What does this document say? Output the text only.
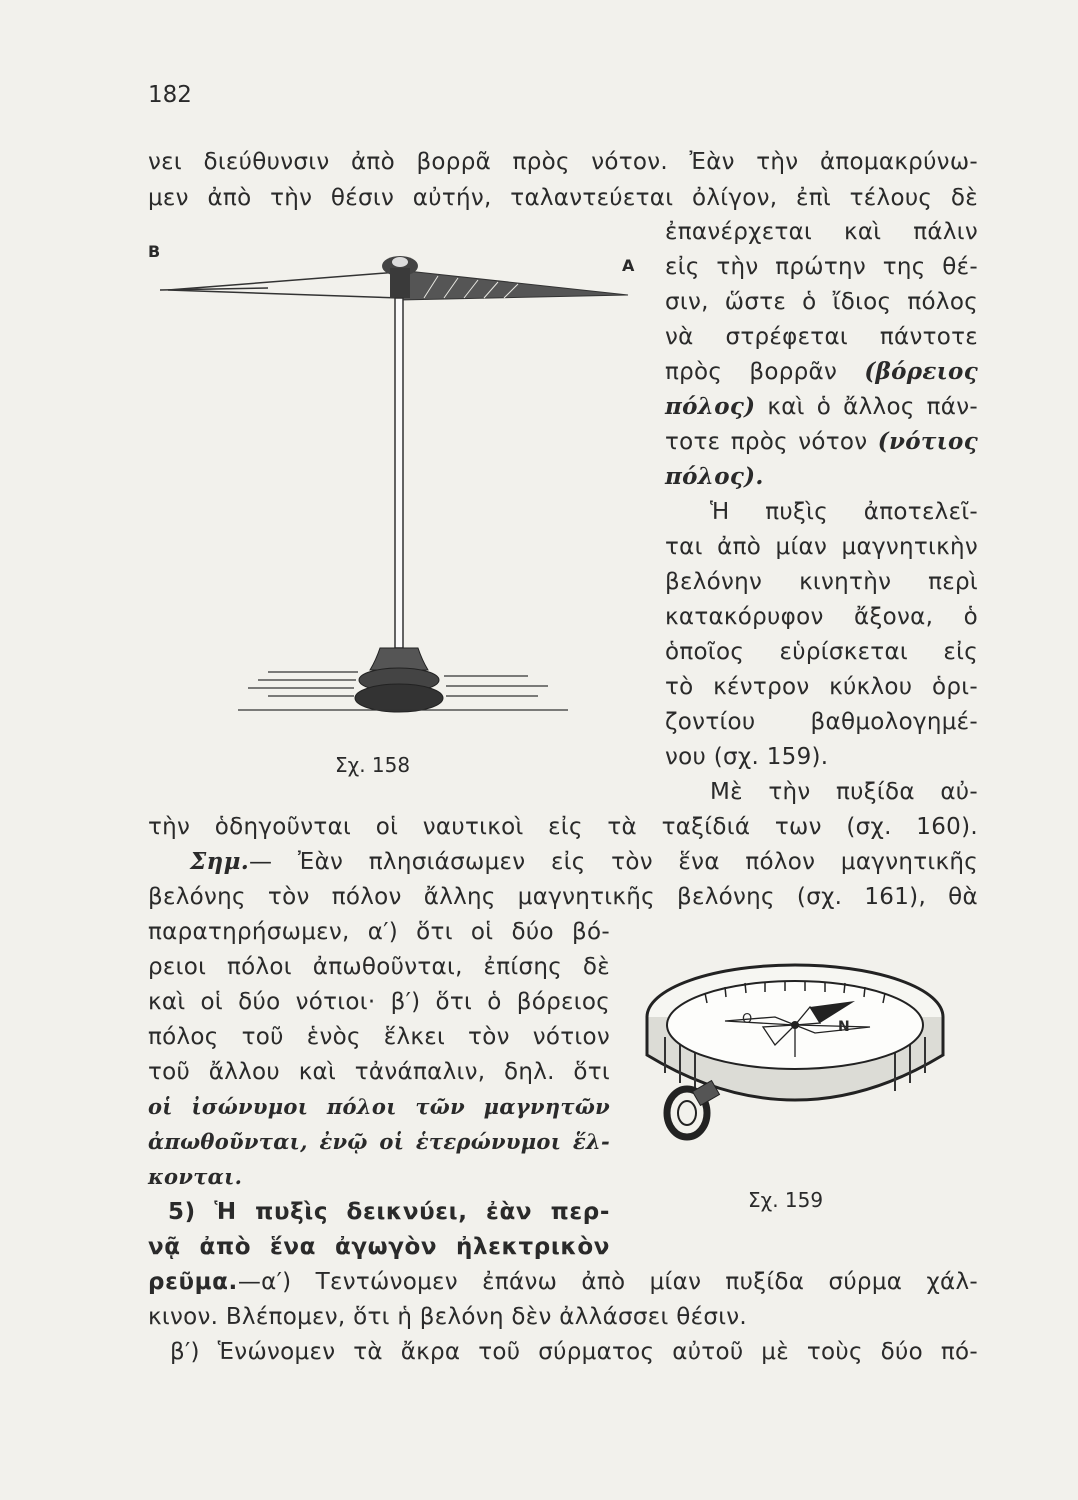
182
νει διεύθυνσιν ἀπὸ βορρᾶ πρὸς νότον. Ἐὰν τὴν ἀπομακρύνω-
μεν ἀπὸ τὴν θέσιν αὐτήν, ταλαντεύεται ὀλίγον, ἐπὶ τέλους δὲ
ἐπανέρχεται καὶ πάλιν
εἰς τὴν πρώτην της θέ-
σιν, ὥστε ὁ ἴδιος πόλος
νὰ στρέφεται πάντοτε
πρὸς βορρᾶν (βόρειος
πόλος) καὶ ὁ ἄλλος πάν-
τοτε πρὸς νότον (νότιος
πόλος).
Ἡ πυξὶς ἀποτελεῖ-
ται ἀπὸ μίαν μαγνητικὴν
βελόνην κινητὴν περὶ
κατακόρυφον ἄξονα, ὁ
ὁποῖος εὑρίσκεται εἰς
τὸ κέντρον κύκλου ὁρι-
ζοντίου βαθμολογημέ-
νου (σχ. 159).
Μὲ τὴν πυξίδα αὐ-
τὴν ὁδηγοῦνται οἱ ναυτικοὶ εἰς τὰ ταξίδιά των (σχ. 160).
Σημ.— Ἐὰν πλησιάσωμεν εἰς τὸν ἕνα πόλον μαγνητικῆς
βελόνης τὸν πόλον ἄλλης μαγνητικῆς βελόνης (σχ. 161), θὰ
παρατηρήσωμεν, α′) ὅτι οἱ δύο βό-
ρειοι πόλοι ἀπωθοῦνται, ἐπίσης δὲ
καὶ οἱ δύο νότιοι· β′) ὅτι ὁ βόρειος
πόλος τοῦ ἑνὸς ἕλκει τὸν νότιον
τοῦ ἄλλου καὶ τἀνάπαλιν, δηλ. ὅτι
οἱ ἰσώνυμοι πόλοι τῶν μαγνητῶν
ἀπωθοῦνται, ἐνῷ οἱ ἑτερώνυμοι ἕλ-
κονται.
5) Ἡ πυξὶς δεικνύει, ἐὰν περ-
νᾷ ἀπὸ ἕνα ἀγωγὸν ἠλεκτρικὸν
ρεῦμα.—α′) Τεντώνομεν ἐπάνω ἀπὸ μίαν πυξίδα σύρμα χάλ-
κινον. Βλέπομεν, ὅτι ἡ βελόνη δὲν ἀλλάσσει θέσιν.
β′) Ἑνώνομεν τὰ ἄκρα τοῦ σύρματος αὐτοῦ μὲ τοὺς δύο πό-
B
A
Σχ. 158
N
O
Σχ. 159
